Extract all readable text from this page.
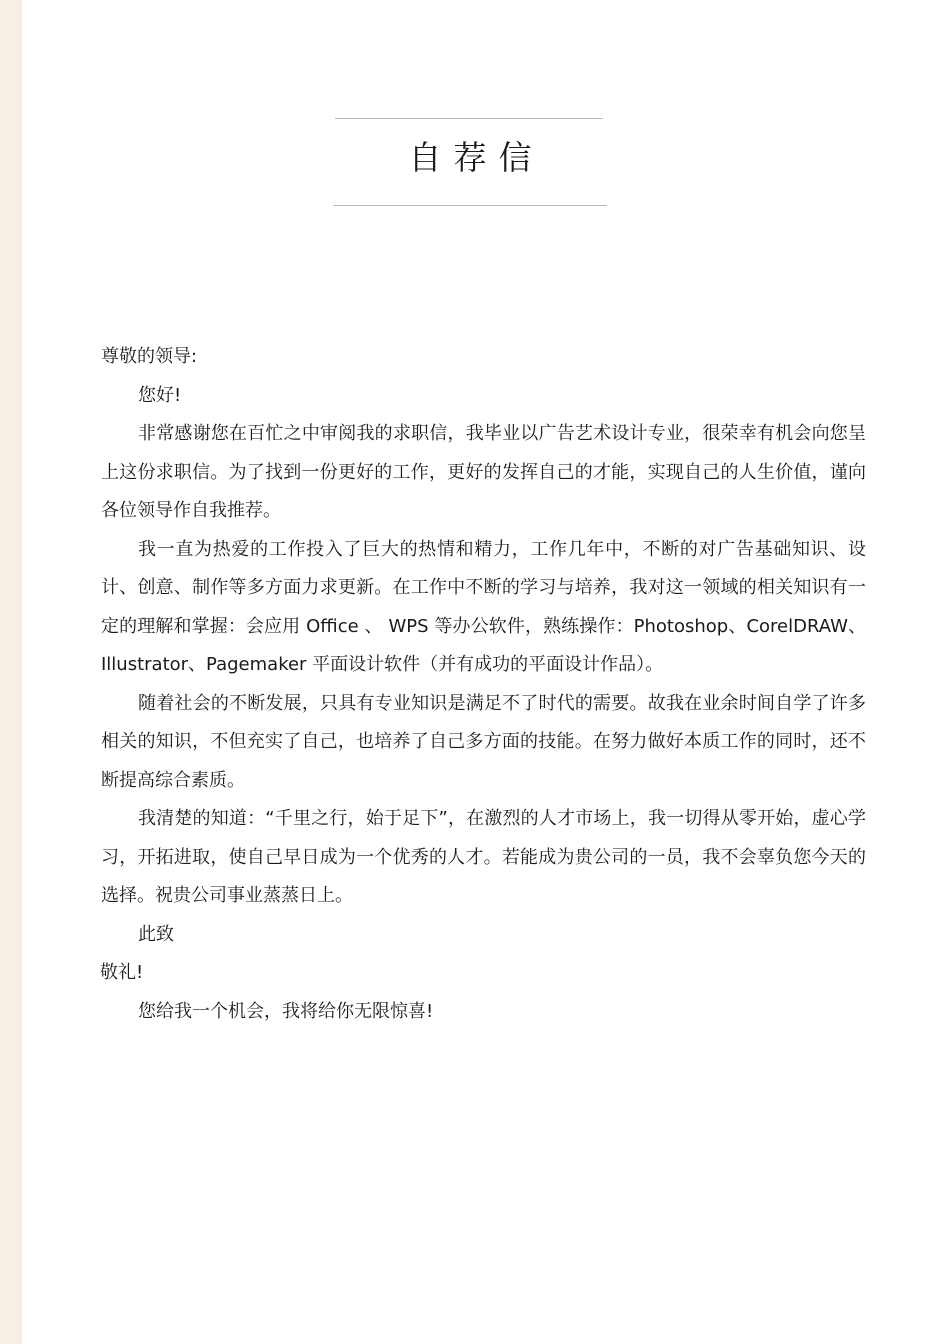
自荐信

尊敬的领导:

您好!

非常感谢您在百忙之中审阅我的求职信，我毕业以广告艺术设计专业，很荣幸有机会向您呈上这份求职信。为了找到一份更好的工作，更好的发挥自己的才能，实现自己的人生价值，谨向各位领导作自我推荐。

我一直为热爱的工作投入了巨大的热情和精力，工作几年中，不断的对广告基础知识、设计、创意、制作等多方面力求更新。在工作中不断的学习与培养，我对这一领域的相关知识有一定的理解和掌握：会应用 Office 、 WPS 等办公软件，熟练操作：Photoshop、CorelDRAW、Illustrator、Pagemaker 平面设计软件（并有成功的平面设计作品）。

随着社会的不断发展，只具有专业知识是满足不了时代的需要。故我在业余时间自学了许多相关的知识，不但充实了自己，也培养了自己多方面的技能。在努力做好本质工作的同时，还不断提高综合素质。

我清楚的知道：“千里之行，始于足下”，在激烈的人才市场上，我一切得从零开始，虚心学习，开拓进取，使自己早日成为一个优秀的人才。若能成为贵公司的一员，我不会辜负您今天的选择。祝贵公司事业蒸蒸日上。

此致

敬礼!

您给我一个机会，我将给你无限惊喜!
